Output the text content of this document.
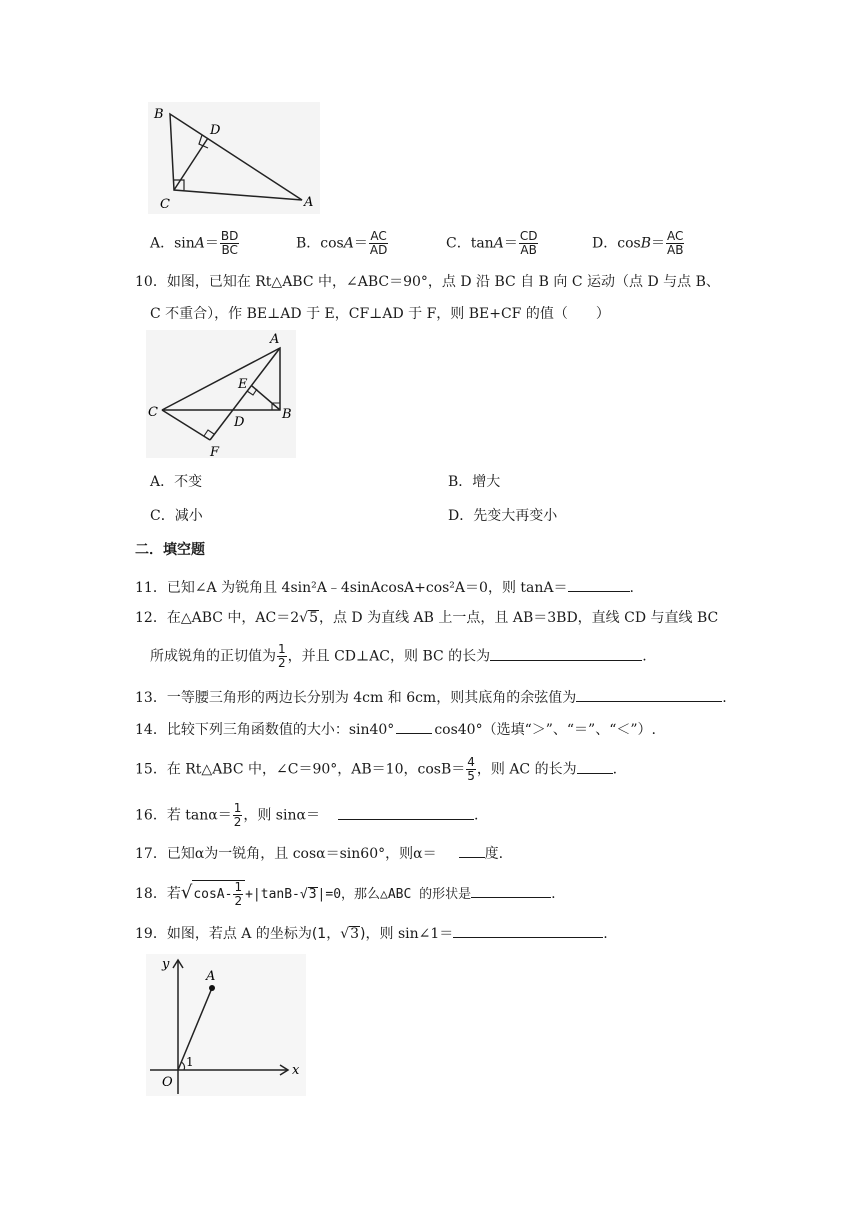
B
D
C	A
A．$\sin A= \frac{BD}{BC}$	B．$\cos A= \frac{AC}{AD}$	C．$\tan A= \frac{CD}{AB}$	D．$\cos B= \frac{AC}{AB}$
10．如图，已知在 Rt△ABC 中，∠ABC＝90°，点 D 沿 BC 自 B 向 C 运动（点 D 与点 B、
C 不重合），作 BE⊥AD 于 E，CF⊥AD 于 F，则 BE+CF 的值（　　）
A
E
C
D
B
F
A．不变	B．增大
C．减小	D．先变大再变小
二．填空题
11．已知∠A 为锐角且 4sin²A﹣4sinAcosA+cos²A＝0，则 tanA＝	.
12．在△ABC 中，AC＝2√5，点 D 为直线 AB 上一点，且 AB＝3BD，直线 CD 与直线 BC
所成锐角的正切值为 $\frac{1}{2}$ ，并且 CD⊥AC，则 BC 的长为	.
13．一等腰三角形的两边长分别为 4cm 和 6cm，则其底角的余弦值为	.
14．比较下列三角函数值的大小：sin40°	cos40°（选填“＞”、“＝”、“＜”）.
15．在 Rt△ABC 中，∠C＝90°，AB＝10，$\cos B= \frac{4}{5}$ ，则 AC 的长为	.
16．若 $\tan\alpha= \frac{1}{2}$ ，则 sinα＝	.
17．已知α为一锐角，且 cosα＝sin60°，则α＝	度.
18．若$√\cos A- \frac{1}{2} +|\tan B-√3|=0$，那么△ABC 的形状是	.
19．如图，若点 A 的坐标为(1，√3)，则 sin∠1＝	.
y
A
x
O
1
